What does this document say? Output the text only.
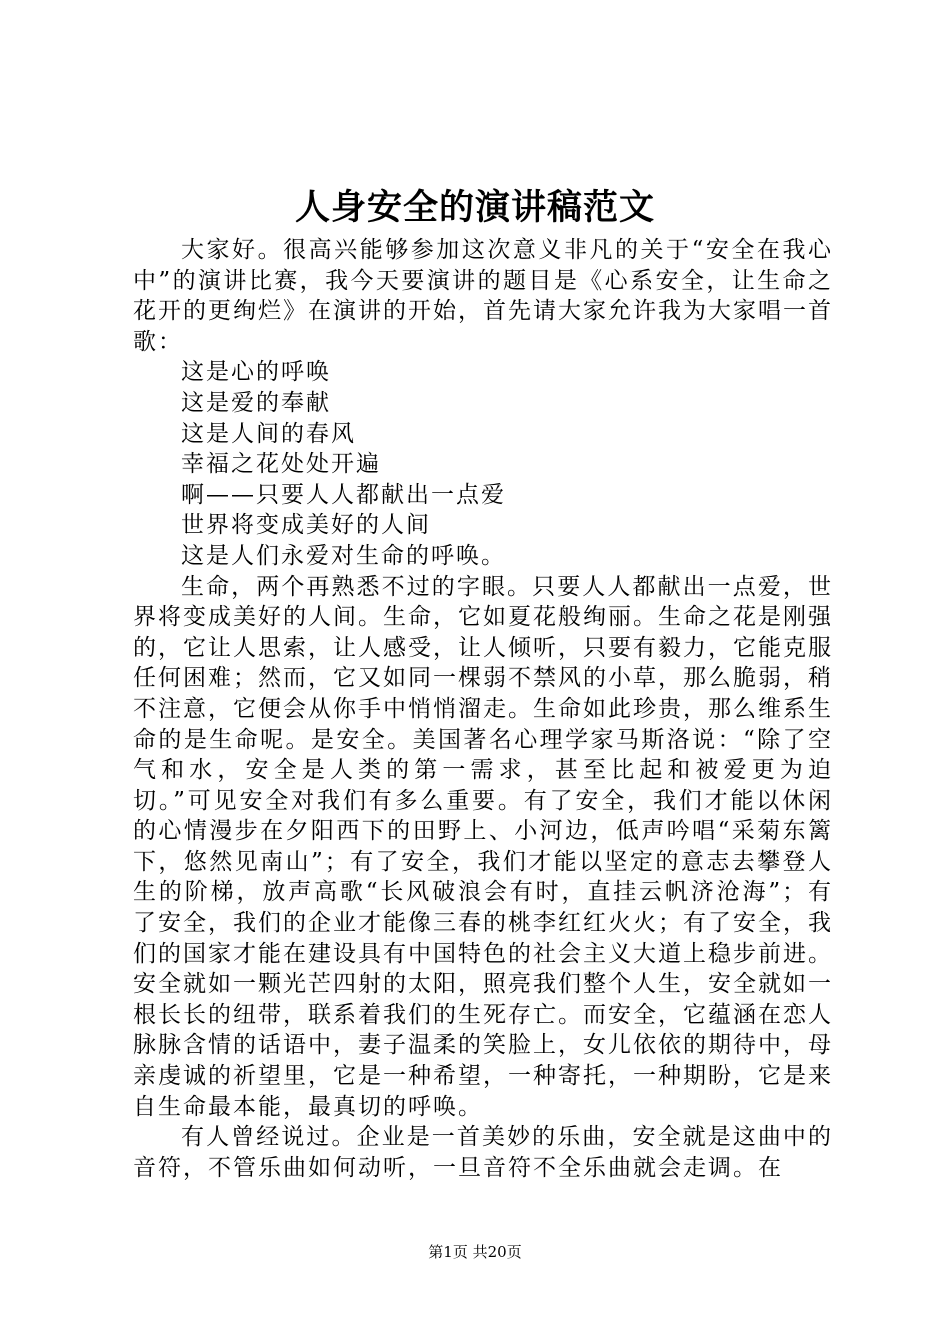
人身安全的演讲稿范文

大家好。很高兴能够参加这次意义非凡的关于“安全在我心中”的演讲比赛，我今天要演讲的题目是《心系安全，让生命之花开的更绚烂》在演讲的开始，首先请大家允许我为大家唱一首歌：

这是心的呼唤

这是爱的奉献

这是人间的春风

幸福之花处处开遍

啊——只要人人都献出一点爱

世界将变成美好的人间

这是人们永爱对生命的呼唤。

生命，两个再熟悉不过的字眼。只要人人都献出一点爱，世界将变成美好的人间。生命，它如夏花般绚丽。生命之花是刚强的，它让人思索，让人感受，让人倾听，只要有毅力，它能克服任何困难；然而，它又如同一棵弱不禁风的小草，那么脆弱，稍不注意，它便会从你手中悄悄溜走。生命如此珍贵，那么维系生命的是生命呢。是安全。美国著名心理学家马斯洛说：“除了空气和水，安全是人类的第一需求，甚至比起和被爱更为迫切。”可见安全对我们有多么重要。有了安全，我们才能以休闲的心情漫步在夕阳西下的田野上、小河边，低声吟唱“采菊东篱下，悠然见南山”；有了安全，我们才能以坚定的意志去攀登人生的阶梯，放声高歌“长风破浪会有时，直挂云帆济沧海”；有了安全，我们的企业才能像三春的桃李红红火火；有了安全，我们的国家才能在建设具有中国特色的社会主义大道上稳步前进。安全就如一颗光芒四射的太阳，照亮我们整个人生，安全就如一根长长的纽带，联系着我们的生死存亡。而安全，它蕴涵在恋人脉脉含情的话语中，妻子温柔的笑脸上，女儿依依的期待中，母亲虔诚的祈望里，它是一种希望，一种寄托，一种期盼，它是来自生命最本能，最真切的呼唤。

有人曾经说过。企业是一首美妙的乐曲，安全就是这曲中的音符，不管乐曲如何动听，一旦音符不全乐曲就会走调。在

第1页 共20页
